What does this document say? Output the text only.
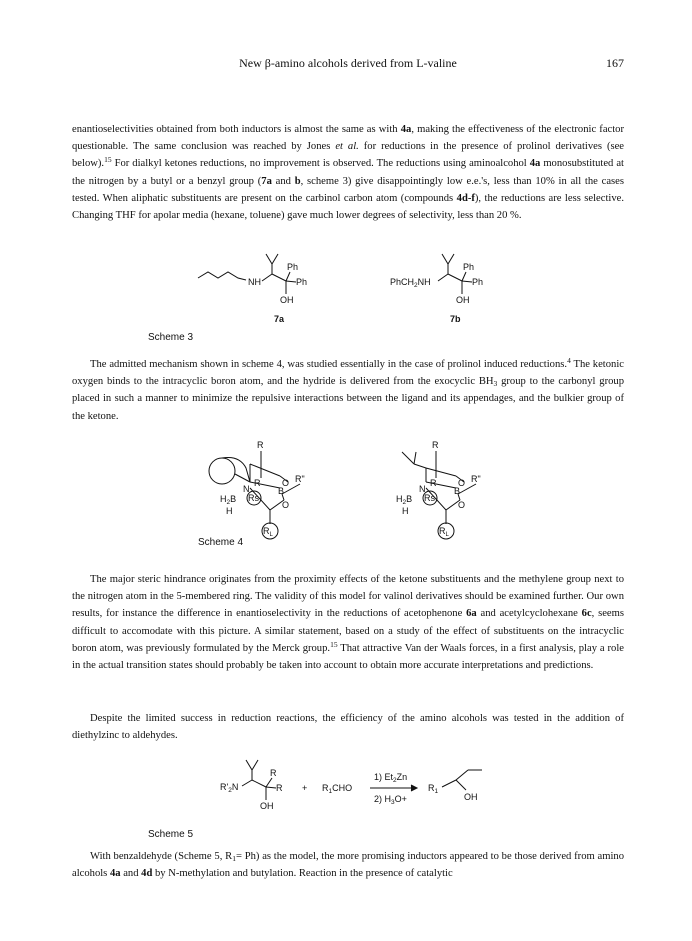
New β-amino alcohols derived from L-valine	167

enantioselectivities obtained from both inductors is almost the same as with 4a, making the effectiveness of the electronic factor questionable. The same conclusion was reached by Jones et al. for reductions in the presence of prolinol derivatives (see below).$^{15}$ For dialkyl ketones reductions, no improvement is observed. The reductions using aminoalcohol 4a monosubstituted at the nitrogen by a butyl or a benzyl group (7a and b, scheme 3) give disappointingly low e.e.'s, less than 10% in all the cases tested. When aliphatic substituents are present on the carbinol carbon atom (compounds 4d-f), the reductions are less selective. Changing THF for apolar media (hexane, toluene) gave much lower degrees of selectivity, less than 20 %.

NH
Ph
Ph
OH
7a
PhCH$_2$NH
Ph
Ph
OH
7b
Scheme 3

The admitted mechanism shown in scheme 4, was studied essentially in the case of prolinol induced reductions.$^4$ The ketonic oxygen binds to the intracyclic boron atom, and the hydride is delivered from the exocyclic $BH_3$ group to the carbonyl group placed in such a manner to minimize the repulsive interactions between the ligand and its appendages, and the bulkier group of the ketone.

R
R O R"
N	B
$H_2B$ Rs
O
H
$R_L$
R
R O R"
N	B
$H_2B$ Rs
O
H
$R_L$
Scheme 4

The major steric hindrance originates from the proximity effects of the ketone substituents and the methylene group next to the nitrogen atom in the 5-membered ring. The validity of this model for valinol derivatives should be examined further. Our own results, for instance the difference in enantioselectivity in the reductions of acetophenone 6a and acetylcyclohexane 6c, seems difficult to accomodate with this picture. A similar statement, based on a study of the effect of substituents on the intracyclic boron atom, was previously formulated by the Merck group.$^{15}$ That attractive Van der Waals forces, in a first analysis, play a role in the actual transition states should probably be taken into account to obtain more accurate interpretations and predictions.

Despite the limited success in reduction reactions, the efficiency of the amino alcohols was tested in the addition of diethylzinc to aldehydes.

$R'_2N$
R
R
OH
+ $R_1CHO$
1) $Et_2Zn$
2) $H_3O+$
$R_1$
OH
Scheme 5

With benzaldehyde (Scheme 5, $R_1= Ph$) as the model, the more promising inductors appeared to be those derived from amino alcohols 4a and 4d by N-methylation and butylation. Reaction in the presence of catalytic
